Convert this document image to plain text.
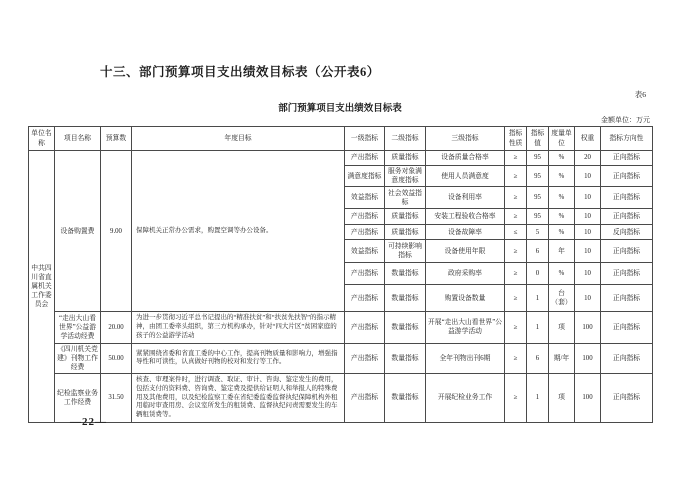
十三、部门预算项目支出绩效目标表（公开表6）
表6
部门预算项目支出绩效目标表
金额单位：万元
单位名称	项目名称	预算数	年度目标	一级指标	二级指标	三级指标	指标性质	指标值	度量单位	权重	指标方向性
中共四川省直属机关工作委员会	设备购置费	9.00	保障机关正常办公需求，购置空调等办公设备。	产出指标	质量指标	设备质量合格率	≥	95	%	20	正向指标
				满意度指标	服务对象满意度指标	使用人员满意度	≥	95	%	10	正向指标
				效益指标	社会效益指标	设备利用率	≥	95	%	10	正向指标
				产出指标	质量指标	安装工程验收合格率	≥	95	%	10	正向指标
				产出指标	质量指标	设备故障率	≤	5	%	10	反向指标
				效益指标	可持续影响指标	设备使用年限	≥	6	年	10	正向指标
				产出指标	数量指标	政府采购率	≥	0	%	10	正向指标
				产出指标	数量指标	购置设备数量	≥	1	台（套）	10	正向指标
	“走出大山看世界”公益游学活动经费	20.00	为进一步贯彻习近平总书记提出的“精准扶贫”和“扶贫先扶智”的指示精神，由团工委牵头组织，第三方机构承办，针对“四大片区”贫困家庭的孩子的公益游学活动	产出指标	数量指标	开展“走出大山看世界”公益游学活动	≥	1	项	100	正向指标
	《四川机关党建》刊物工作经费	50.00	紧紧围绕省委和省直工委的中心工作，提高刊物质量和影响力，增强指导性和可读性，认真做好刊物的校对和发行等工作。	产出指标	数量指标	全年刊物出刊6期	≥	6	期/年	100	正向指标
	纪检监察业务工作经费	31.50	核查、审理案件时，进行调查、取证、审计、咨询、鉴定发生的费用，包括支付的资料费、咨询费、鉴定费及提供给证明人和举报人的特殊费用及其他费用，以及纪检监察工委在省纪委监委监督执纪保障机构外租用临时审查用房、会议室所发生的租赁费、监督执纪问责需要发生的车辆租赁费等。	产出指标	数量指标	开展纪检业务工作	≥	1	项	100	正向指标
—22—
